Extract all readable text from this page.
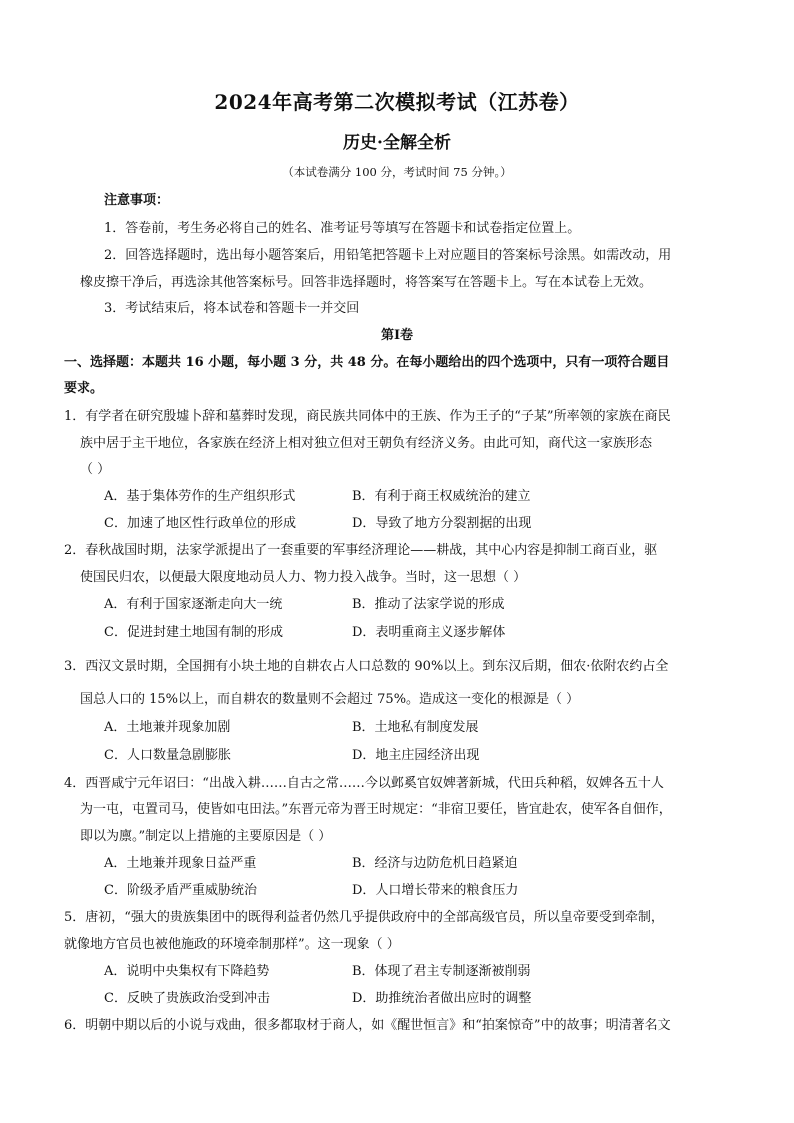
2024年高考第二次模拟考试（江苏卷）
历史·全解全析
（本试卷满分 100 分，考试时间 75 分钟。）
注意事项：
1．答卷前，考生务必将自己的姓名、准考证号等填写在答题卡和试卷指定位置上。
2．回答选择题时，选出每小题答案后，用铅笔把答题卡上对应题目的答案标号涂黑。如需改动，用
橡皮擦干净后，再选涂其他答案标号。回答非选择题时，将答案写在答题卡上。写在本试卷上无效。
3．考试结束后，将本试卷和答题卡一并交回
第Ⅰ卷
一、选择题：本题共 16 小题，每小题 3 分，共 48 分。在每小题给出的四个选项中，只有一项符合题目
要求。
1．有学者在研究殷墟卜辞和墓葬时发现，商民族共同体中的王族、作为王子的“子某”所率领的家族在商民
族中居于主干地位，各家族在经济上相对独立但对王朝负有经济义务。由此可知，商代这一家族形态
（ ）
A．基于集体劳作的生产组织形式	B．有利于商王权威统治的建立
C．加速了地区性行政单位的形成	D．导致了地方分裂割据的出现
2．春秋战国时期，法家学派提出了一套重要的军事经济理论——耕战，其中心内容是抑制工商百业，驱
使国民归农，以便最大限度地动员人力、物力投入战争。当时，这一思想（ ）
A．有利于国家逐渐走向大一统	B．推动了法家学说的形成
C．促进封建土地国有制的形成	D．表明重商主义逐步解体
3．西汉文景时期，全国拥有小块土地的自耕农占人口总数的 90%以上。到东汉后期，佃农·依附农约占全
国总人口的 15%以上，而自耕农的数量则不会超过 75%。造成这一变化的根源是（ ）
A．土地兼并现象加剧	B．土地私有制度发展
C．人口数量急剧膨胀	D．地主庄园经济出现
4．西晋咸宁元年诏曰：“出战入耕……自古之常……今以邺奚官奴婢著新城，代田兵种稻，奴婢各五十人
为一屯，屯置司马，使皆如屯田法。”东晋元帝为晋王时规定：“非宿卫要任，皆宜赴农，使军各自佃作，
即以为廪。”制定以上措施的主要原因是（ ）
A．土地兼并现象日益严重	B．经济与边防危机日趋紧迫
C．阶级矛盾严重威胁统治	D．人口增长带来的粮食压力
5．唐初，“强大的贵族集团中的既得利益者仍然几乎提供政府中的全部高级官员，所以皇帝要受到牵制，
就像地方官员也被他施政的环境牵制那样”。这一现象（ ）
A．说明中央集权有下降趋势	B．体现了君主专制逐渐被削弱
C．反映了贵族政治受到冲击	D．助推统治者做出应时的调整
6．明朝中期以后的小说与戏曲，很多都取材于商人，如《醒世恒言》和“拍案惊奇”中的故事；明清著名文
